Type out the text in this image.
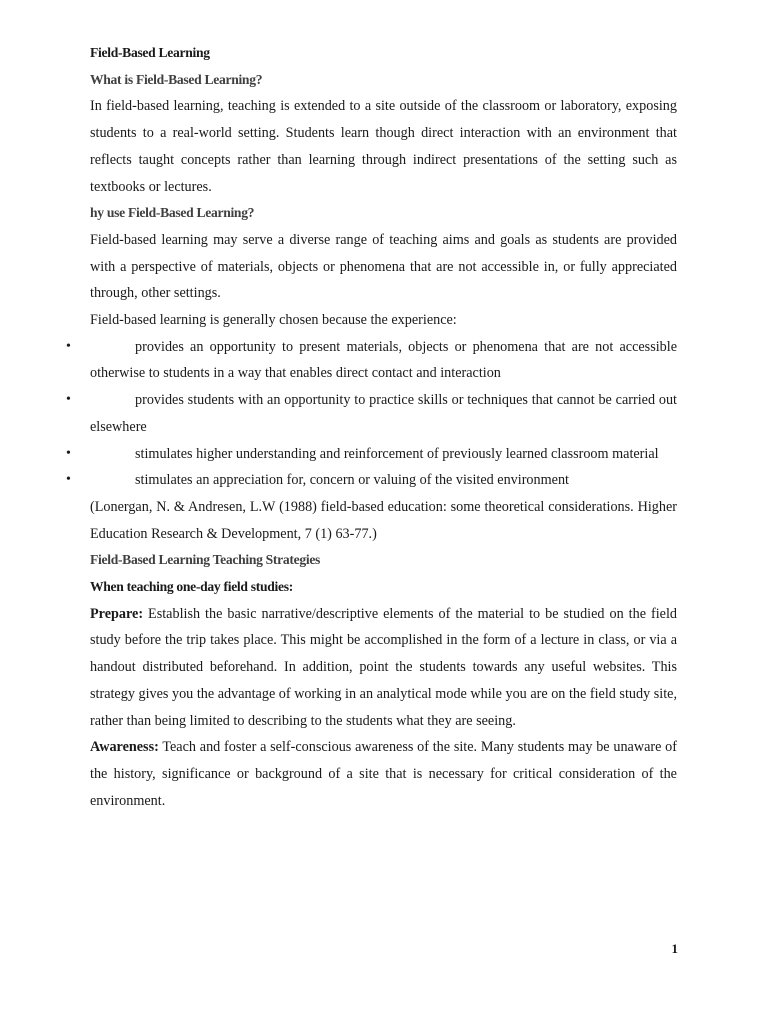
Field-Based Learning

What is Field-Based Learning?

In field-based learning, teaching is extended to a site outside of the classroom or laboratory, exposing students to a real-world setting. Students learn though direct interaction with an environment that reflects taught concepts rather than learning through indirect presentations of the setting such as textbooks or lectures.

hy use Field-Based Learning?

Field-based learning may serve a diverse range of teaching aims and goals as students are provided with a perspective of materials, objects or phenomena that are not accessible in, or fully appreciated through, other settings.

Field-based learning is generally chosen because the experience:

•	provides an opportunity to present materials, objects or phenomena that are not accessible otherwise to students in a way that enables direct contact and interaction
•	provides students with an opportunity to practice skills or techniques that cannot be carried out elsewhere
•	stimulates higher understanding and reinforcement of previously learned classroom material
•	stimulates an appreciation for, concern or valuing of the visited environment

(Lonergan, N. & Andresen, L.W (1988) field-based education: some theoretical considerations. Higher Education Research & Development, 7 (1) 63-77.)

Field-Based Learning Teaching Strategies

When teaching one-day field studies:

Prepare: Establish the basic narrative/descriptive elements of the material to be studied on the field study before the trip takes place. This might be accomplished in the form of a lecture in class, or via a handout distributed beforehand. In addition, point the students towards any useful websites. This strategy gives you the advantage of working in an analytical mode while you are on the field study site, rather than being limited to describing to the students what they are seeing.

Awareness: Teach and foster a self-conscious awareness of the site. Many students may be unaware of the history, significance or background of a site that is necessary for critical consideration of the environment.

1
